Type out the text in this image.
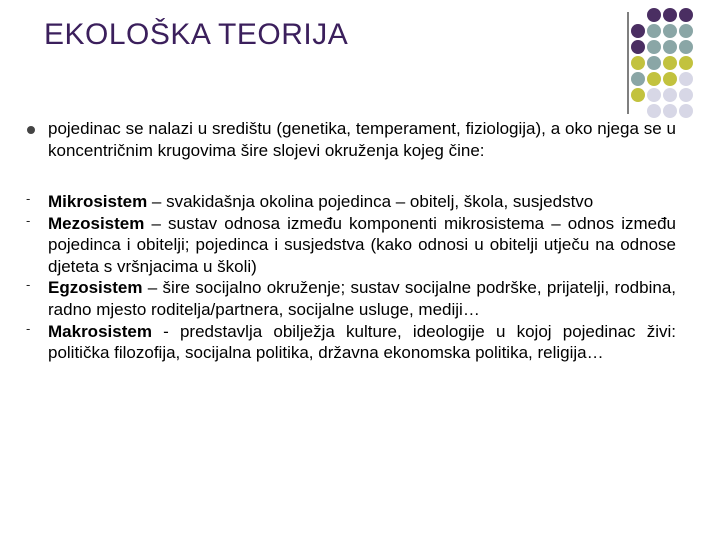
EKOLOŠKA TEORIJA
pojedinac se nalazi u središtu (genetika, temperament, fiziologija), a oko njega se u koncentričnim krugovima šire slojevi okruženja kojeg čine:
-	Mikrosistem – svakidašnja okolina pojedinca – obitelj, škola, susjedstvo
-	Mezosistem – sustav odnosa između komponenti mikrosistema – odnos između pojedinca i obitelji; pojedinca i susjedstva (kako odnosi u obitelji utječu na odnose djeteta s vršnjacima u školi)
-	Egzosistem – šire socijalno okruženje; sustav socijalne podrške, prijatelji, rodbina, radno mjesto roditelja/partnera, socijalne usluge, mediji…
-	Makrosistem - predstavlja obilježja kulture, ideologije u kojoj pojedinac živi: politička filozofija, socijalna politika, državna ekonomska politika, religija…
